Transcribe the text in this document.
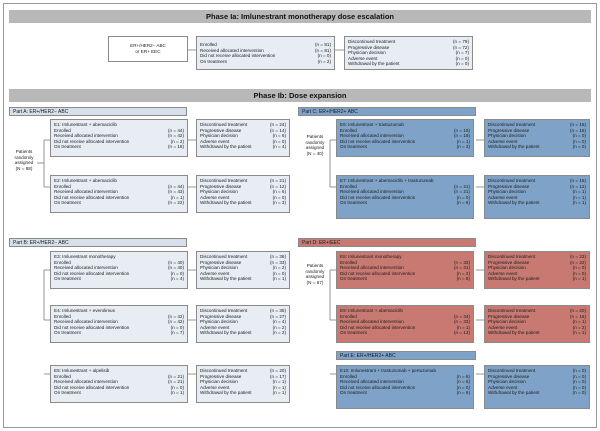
Phase Ia: Imlunestrant monotherapy dose escalation
ER+/HER2− ABC
or ER+ EEC
Enrolled	(n = 81)
Received allocated intervention	(n = 81)
Did not receive allocated intervention	(n = 0)
On treatment	(n = 2)
Discontinued treatment	(n = 79)
Progressive disease	(n = 72)
Physician decision	(n = 7)
Adverse event	(n = 0)
Withdrawal by the patient	(n = 0)
Phase Ib: Dose expansion
Part A: ER+/HER2− ABC	Part C: ER+/HER2+ ABC
Part B: ER+/HER2− ABC	Part D: ER+/EEC
Part E: ER+/HER2+ ABC
Patients
randomly
assigned
(N = 88)
Patients
randomly
assigned
(N = 40)
Patients
randomly
assigned
(N = 67)
E1: Imlunestrant + abemaciclib
Enrolled	(n = 44)
Received allocated intervention	(n = 42)
Did not receive allocated intervention	(n = 2)
On treatment	(n = 18)
Discontinued treatment	(n = 24)
Progressive disease	(n = 14)
Physician decision	(n = 6)
Adverse event	(n = 0)
Withdrawal by the patient	(n = 4)
E2: Imlunestrant + abemaciclib
Enrolled	(n = 44)
Received allocated intervention	(n = 43)
Did not receive allocated intervention	(n = 1)
On treatment	(n = 22)
Discontinued treatment	(n = 21)
Progressive disease	(n = 12)
Physician decision	(n = 6)
Adverse event	(n = 0)
Withdrawal by the patient	(n = 3)
E3: Imlunestrant monotherapy
Enrolled	(n = 40)
Received allocated intervention	(n = 40)
Did not receive allocated intervention	(n = 0)
On treatment	(n = 4)
Discontinued treatment	(n = 36)
Progressive disease	(n = 33)
Physician decision	(n = 2)
Adverse event	(n = 0)
Withdrawal by the patient	(n = 1)
E4: Imlunestrant + everolimus
Enrolled	(n = 42)
Received allocated intervention	(n = 42)
Did not receive allocated intervention	(n = 0)
On treatment	(n = 7)
Discontinued treatment	(n = 35)
Progressive disease	(n = 27)
Physician decision	(n = 4)
Adverse event	(n = 2)
Withdrawal by the patient	(n = 2)
E5: Imlunestrant + alpelisib
Enrolled	(n = 21)
Received allocated intervention	(n = 21)
Did not receive allocated intervention	(n = 0)
On treatment	(n = 1)
Discontinued treatment	(n = 20)
Progressive disease	(n = 17)
Physician decision	(n = 1)
Adverse event	(n = 1)
Withdrawal by the patient	(n = 1)
E6: Imlunestrant + trastuzumab
Enrolled	(n = 19)
Received allocated intervention	(n = 18)
Did not receive allocated intervention	(n = 1)
On treatment	(n = 3)
Discontinued treatment	(n = 15)
Progressive disease	(n = 15)
Physician decision	(n = 0)
Adverse event	(n = 0)
Withdrawal by the patient	(n = 0)
E7: Imlunestrant + abemaciclib + trastuzumab
Enrolled	(n = 21)
Received allocated intervention	(n = 21)
Did not receive allocated intervention	(n = 0)
On treatment	(n = 6)
Discontinued treatment	(n = 15)
Progressive disease	(n = 12)
Physician decision	(n = 1)
Adverse event	(n = 1)
Withdrawal by the patient	(n = 1)
E8: Imlunestrant monotherapy
Enrolled	(n = 33)
Received allocated intervention	(n = 31)
Did not receive allocated intervention	(n = 2)
On treatment	(n = 8)
Discontinued treatment	(n = 23)
Progressive disease	(n = 22)
Physician decision	(n = 0)
Adverse event	(n = 0)
Withdrawal by the patient	(n = 1)
E9: Imlunestrant + abemaciclib
Enrolled	(n = 34)
Received allocated intervention	(n = 33)
Did not receive allocated intervention	(n = 1)
On treatment	(n = 13)
Discontinued treatment	(n = 20)
Progressive disease	(n = 16)
Physician decision	(n = 1)
Adverse event	(n = 2)
Withdrawal by the patient	(n = 1)
E10: Imlunestrant + trastuzumab + pertuzumab
Enrolled	(n = 6)
Received allocated intervention	(n = 6)
Did not receive allocated intervention	(n = 0)
On treatment	(n = 6)
Discontinued treatment	(n = 0)
Progressive disease	(n = 0)
Physician decision	(n = 0)
Adverse event	(n = 0)
Withdrawal by the patient	(n = 0)
